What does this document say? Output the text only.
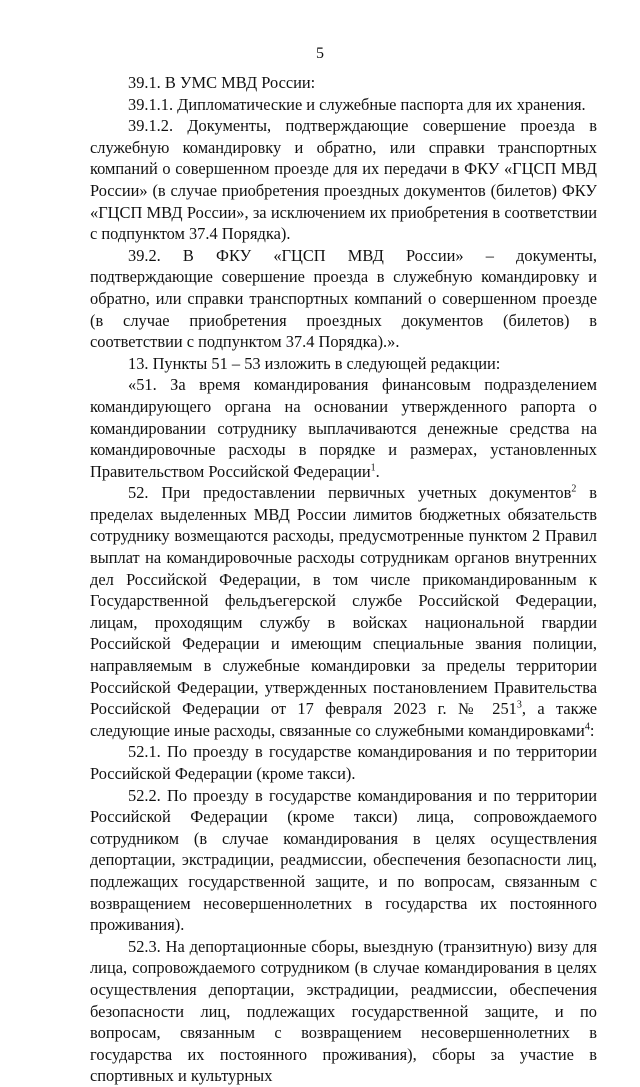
5

39.1. В УМС МВД России:

39.1.1. Дипломатические и служебные паспорта для их хранения.

39.1.2. Документы, подтверждающие совершение проезда в служебную командировку и обратно, или справки транспортных компаний о совершенном проезде для их передачи в ФКУ «ГЦСП МВД России» (в случае приобретения проездных документов (билетов) ФКУ «ГЦСП МВД России», за исключением их приобретения в соответствии с подпунктом 37.4 Порядка).

39.2. В ФКУ «ГЦСП МВД России» – документы, подтверждающие совершение проезда в служебную командировку и обратно, или справки транспортных компаний о совершенном проезде (в случае приобретения проездных документов (билетов) в соответствии с подпунктом 37.4 Порядка).».

13. Пункты 51 – 53 изложить в следующей редакции:

«51. За время командирования финансовым подразделением командирующего органа на основании утвержденного рапорта о командировании сотруднику выплачиваются денежные средства на командировочные расходы в порядке и размерах, установленных Правительством Российской Федерации$^1$.

52. При предоставлении первичных учетных документов$^2$ в пределах выделенных МВД России лимитов бюджетных обязательств сотруднику возмещаются расходы, предусмотренные пунктом 2 Правил выплат на командировочные расходы сотрудникам органов внутренних дел Российской Федерации, в том числе прикомандированным к Государственной фельдъегерской службе Российской Федерации, лицам, проходящим службу в войсках национальной гвардии Российской Федерации и имеющим специальные звания полиции, направляемым в служебные командировки за пределы территории Российской Федерации, утвержденных постановлением Правительства Российской Федерации от 17 февраля 2023 г. № $251^3$, а также следующие иные расходы, связанные со служебными командировками$^4$:

52.1. По проезду в государстве командирования и по территории Российской Федерации (кроме такси).

52.2. По проезду в государстве командирования и по территории Российской Федерации (кроме такси) лица, сопровождаемого сотрудником (в случае командирования в целях осуществления депортации, экстрадиции, реадмиссии, обеспечения безопасности лиц, подлежащих государственной защите, и по вопросам, связанным с возвращением несовершеннолетних в государства их постоянного проживания).

52.3. На депортационные сборы, выездную (транзитную) визу для лица, сопровождаемого сотрудником (в случае командирования в целях осуществления депортации, экстрадиции, реадмиссии, обеспечения безопасности лиц, подлежащих государственной защите, и по вопросам, связанным с возвращением несовершеннолетних в государства их постоянного проживания), сборы за участие в спортивных и культурных
